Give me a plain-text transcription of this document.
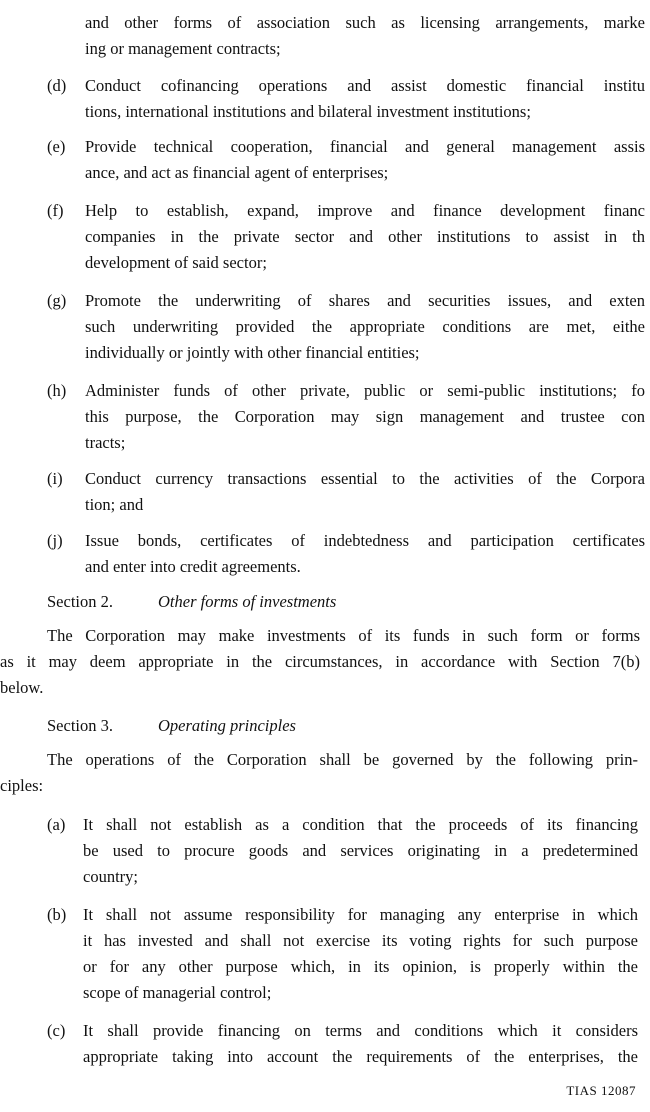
and other forms of association such as licensing arrangements, marke
ing or management contracts;
(d) Conduct cofinancing operations and assist domestic financial institu
tions, international institutions and bilateral investment institutions;
(e) Provide technical cooperation, financial and general management assis
ance, and act as financial agent of enterprises;
(f) Help to establish, expand, improve and finance development financ
companies in the private sector and other institutions to assist in th
development of said sector;
(g) Promote the underwriting of shares and securities issues, and exten
such underwriting provided the appropriate conditions are met, eithe
individually or jointly with other financial entities;
(h) Administer funds of other private, public or semi-public institutions; fo
this purpose, the Corporation may sign management and trustee con
tracts;
(i) Conduct currency transactions essential to the activities of the Corpora
tion; and
(j) Issue bonds, certificates of indebtedness and participation certificates
and enter into credit agreements.
Section 2.	Other forms of investments
The Corporation may make investments of its funds in such form or forms
as it may deem appropriate in the circumstances, in accordance with Section 7(b)
below.
Section 3.	Operating principles
The operations of the Corporation shall be governed by the following prin-
ciples:
(a) It shall not establish as a condition that the proceeds of its financing
be used to procure goods and services originating in a predetermined
country;
(b) It shall not assume responsibility for managing any enterprise in which
it has invested and shall not exercise its voting rights for such purpose
or for any other purpose which, in its opinion, is properly within the
scope of managerial control;
(c) It shall provide financing on terms and conditions which it considers
appropriate taking into account the requirements of the enterprises, the
TIAS 12087
